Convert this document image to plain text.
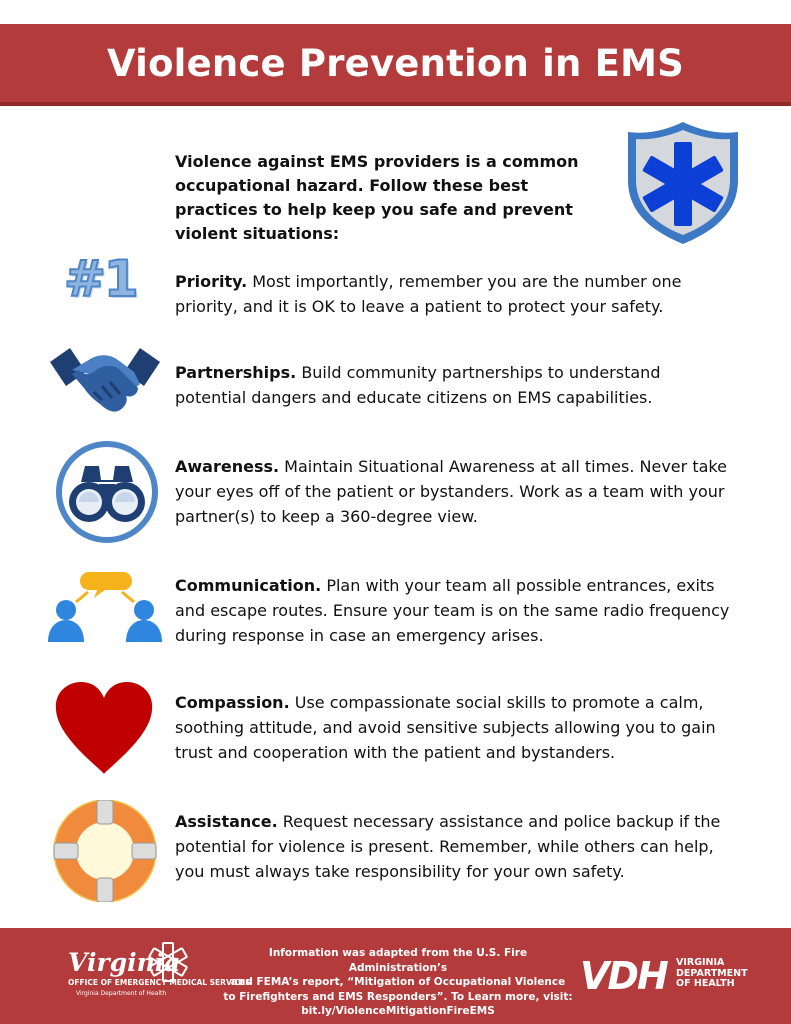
Violence Prevention in EMS
Violence against EMS providers is a common occupational hazard. Follow these best practices to help keep you safe and prevent violent situations:
#1	Priority. Most importantly, remember you are the number one priority, and it is OK to leave a patient to protect your safety.
Partnerships. Build community partnerships to understand potential dangers and educate citizens on EMS capabilities.
Awareness. Maintain Situational Awareness at all times. Never take your eyes off of the patient or bystanders. Work as a team with your partner(s) to keep a 360-degree view.
Communication. Plan with your team all possible entrances, exits and escape routes. Ensure your team is on the same radio frequency during response in case an emergency arises.
Compassion. Use compassionate social skills to promote a calm, soothing attitude, and avoid sensitive subjects allowing you to gain trust and cooperation with the patient and bystanders.
Assistance. Request necessary assistance and police backup if the potential for violence is present. Remember, while others can help, you must always take responsibility for your own safety.
Virginia
OFFICE OF EMERGENCY MEDICAL SERVICES
Virginia Department of Health
Information was adapted from the U.S. Fire Administration’s
and FEMA’s report, “Mitigation of Occupational Violence
to Firefighters and EMS Responders”. To Learn more, visit:
bit.ly/ViolenceMitigationFireEMS
VDH VIRGINIA
DEPARTMENT
OF HEALTH
